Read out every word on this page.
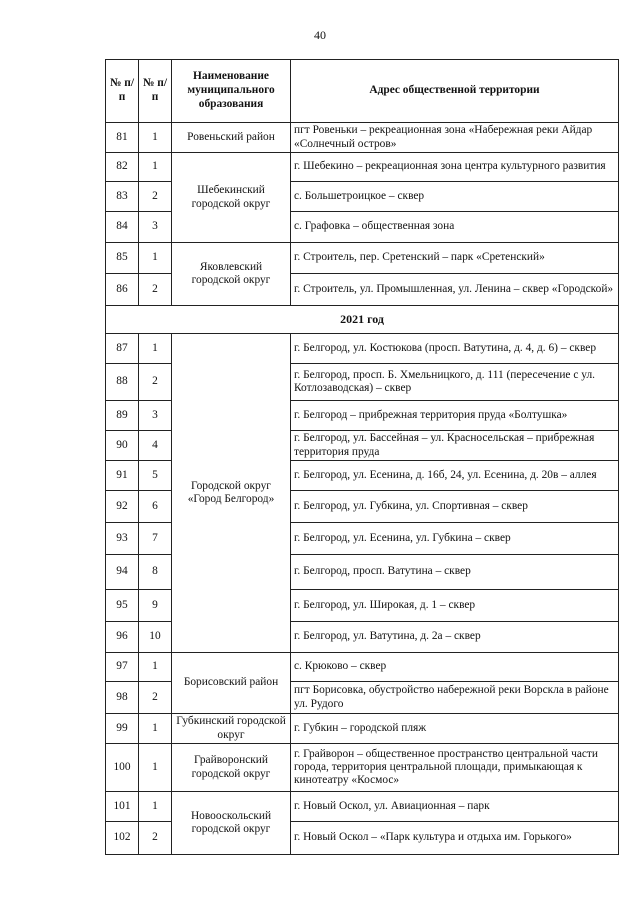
40
№ п/п	№ п/п	Наименование муниципального образования	Адрес общественной территории
81	1	Ровеньский район	пгт Ровеньки – рекреационная зона «Набережная реки Айдар «Солнечный остров»
82	1	Шебекинский городской округ	г. Шебекино – рекреационная зона центра культурного развития
83	2		с. Большетроицкое – сквер
84	3		с. Графовка – общественная зона
85	1	Яковлевский городской округ	г. Строитель, пер. Сретенский – парк «Сретенский»
86	2		г. Строитель, ул. Промышленная, ул. Ленина – сквер «Городской»
2021 год			
87	1	Городской округ «Город Белгород»	г. Белгород, ул. Костюкова (просп. Ватутина, д. 4, д. 6) – сквер
88	2		г. Белгород, просп. Б. Хмельницкого, д. 111 (пересечение с ул. Котлозаводская) – сквер
89	3		г. Белгород – прибрежная территория пруда «Болтушка»
90	4		г. Белгород, ул. Бассейная – ул. Красносельская – прибрежная территория пруда
91	5		г. Белгород, ул. Есенина, д. 16б, 24, ул. Есенина, д. 20в – аллея
92	6		г. Белгород, ул. Губкина, ул. Спортивная – сквер
93	7		г. Белгород, ул. Есенина, ул. Губкина – сквер
94	8		г. Белгород, просп. Ватутина – сквер
95	9		г. Белгород, ул. Широкая, д. 1 – сквер
96	10		г. Белгород, ул. Ватутина, д. 2а – сквер
97	1	Борисовский район	с. Крюково – сквер
98	2		пгт Борисовка, обустройство набережной реки Ворскла в районе ул. Рудого
99	1	Губкинский городской округ	г. Губкин – городской пляж
100	1	Грайворонский городской округ	г. Грайворон – общественное пространство центральной части города, территория центральной площади, примыкающая к кинотеатру «Космос»
101	1	Новооскольский городской округ	г. Новый Оскол, ул. Авиационная – парк
102	2		г. Новый Оскол – «Парк культура и отдыха им. Горького»
